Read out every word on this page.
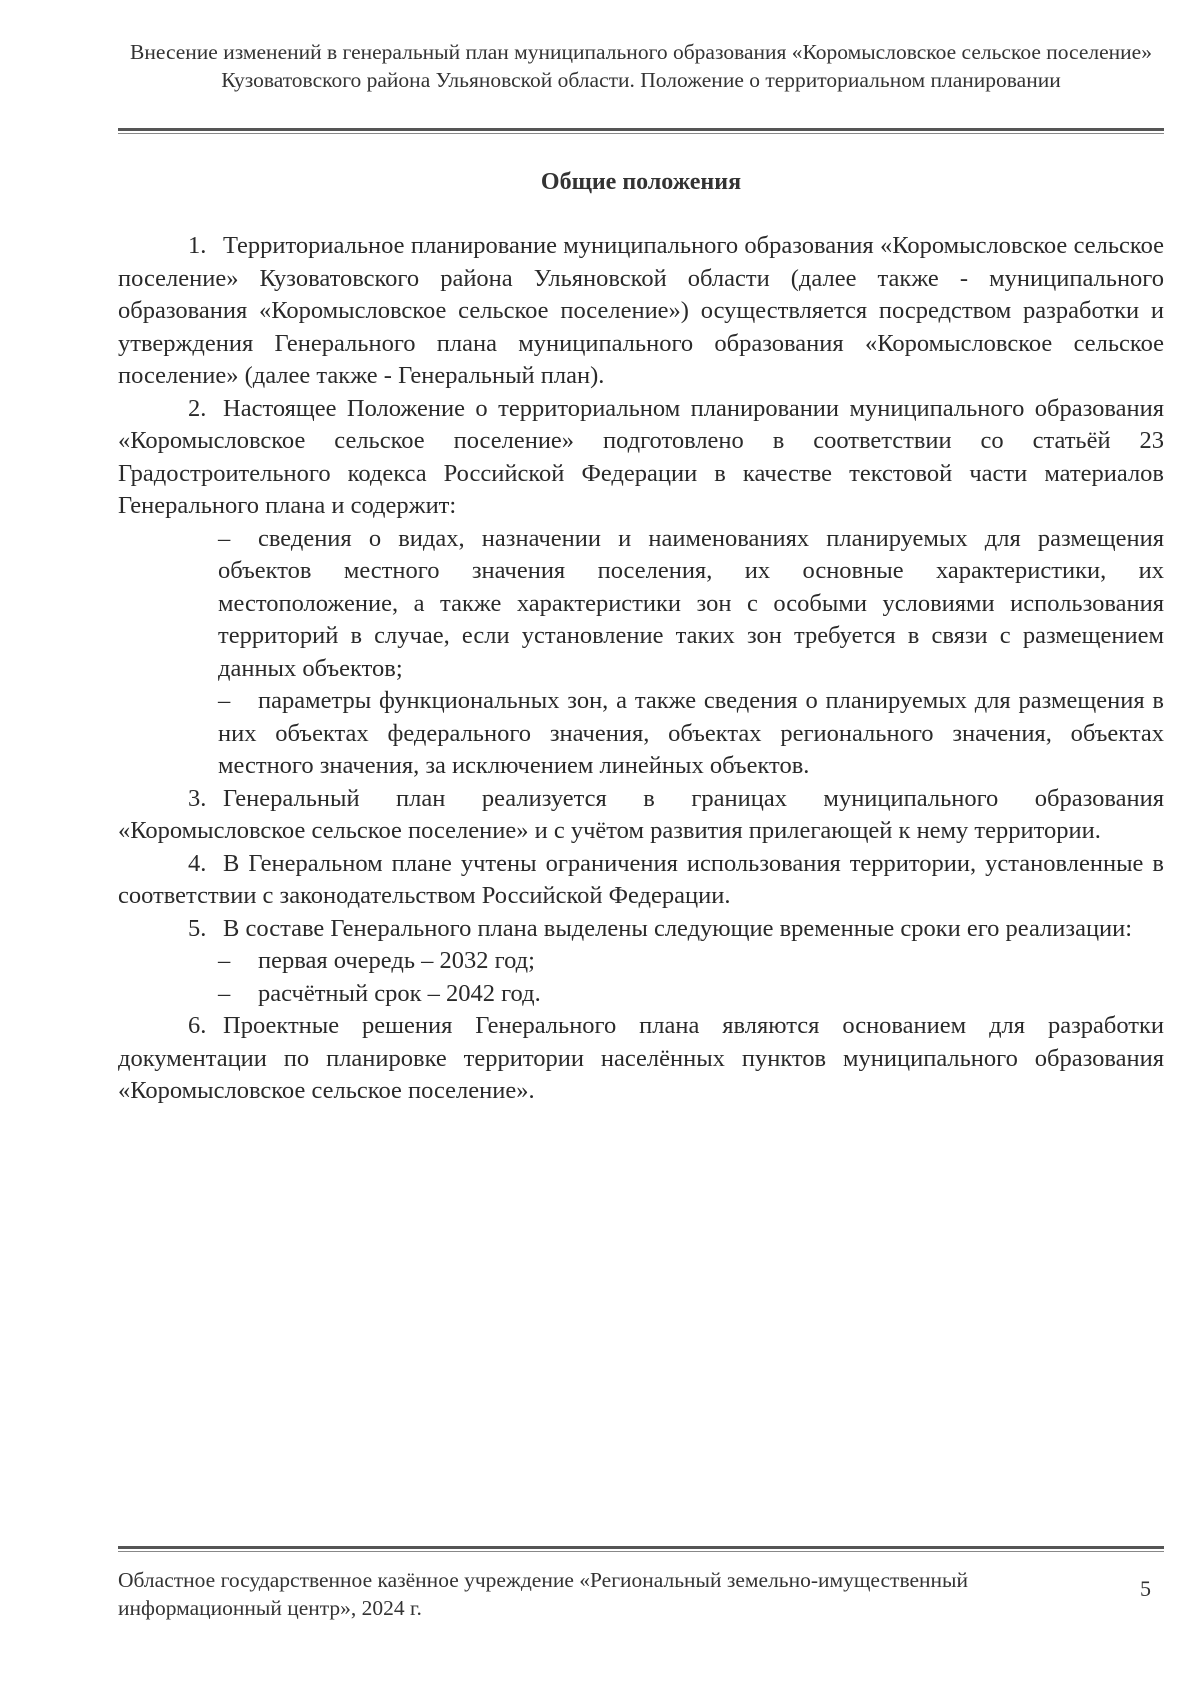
Внесение изменений в генеральный план муниципального образования «Коромысловское сельское поселение» Кузоватовского района Ульяновской области. Положение о территориальном планировании
Общие положения

1. Территориальное планирование муниципального образования «Коромысловское сельское поселение» Кузоватовского района Ульяновской области (далее также - муниципального образования «Коромысловское сельское поселение») осуществляется посредством разработки и утверждения Генерального плана муниципального образования «Коромысловское сельское поселение» (далее также - Генеральный план).

2. Настоящее Положение о территориальном планировании муниципального образования «Коромысловское сельское поселение» подготовлено в соответствии со статьёй 23 Градостроительного кодекса Российской Федерации в качестве текстовой части материалов Генерального плана и содержит:

– сведения о видах, назначении и наименованиях планируемых для размещения объектов местного значения поселения, их основные характеристики, их местоположение, а также характеристики зон с особыми условиями использования территорий в случае, если установление таких зон требуется в связи с размещением данных объектов;
– параметры функциональных зон, а также сведения о планируемых для размещения в них объектах федерального значения, объектах регионального значения, объектах местного значения, за исключением линейных объектов.

3. Генеральный план реализуется в границах муниципального образования «Коромысловское сельское поселение» и с учётом развития прилегающей к нему территории.

4. В Генеральном плане учтены ограничения использования территории, установленные в соответствии с законодательством Российской Федерации.

5. В составе Генерального плана выделены следующие временные сроки его реализации:

– первая очередь – 2032 год;
– расчётный срок – 2042 год.

6. Проектные решения Генерального плана являются основанием для разработки документации по планировке территории населённых пунктов муниципального образования «Коромысловское сельское поселение».

Областное государственное казённое учреждение «Региональный земельно-имущественный информационный центр», 2024 г.
5
